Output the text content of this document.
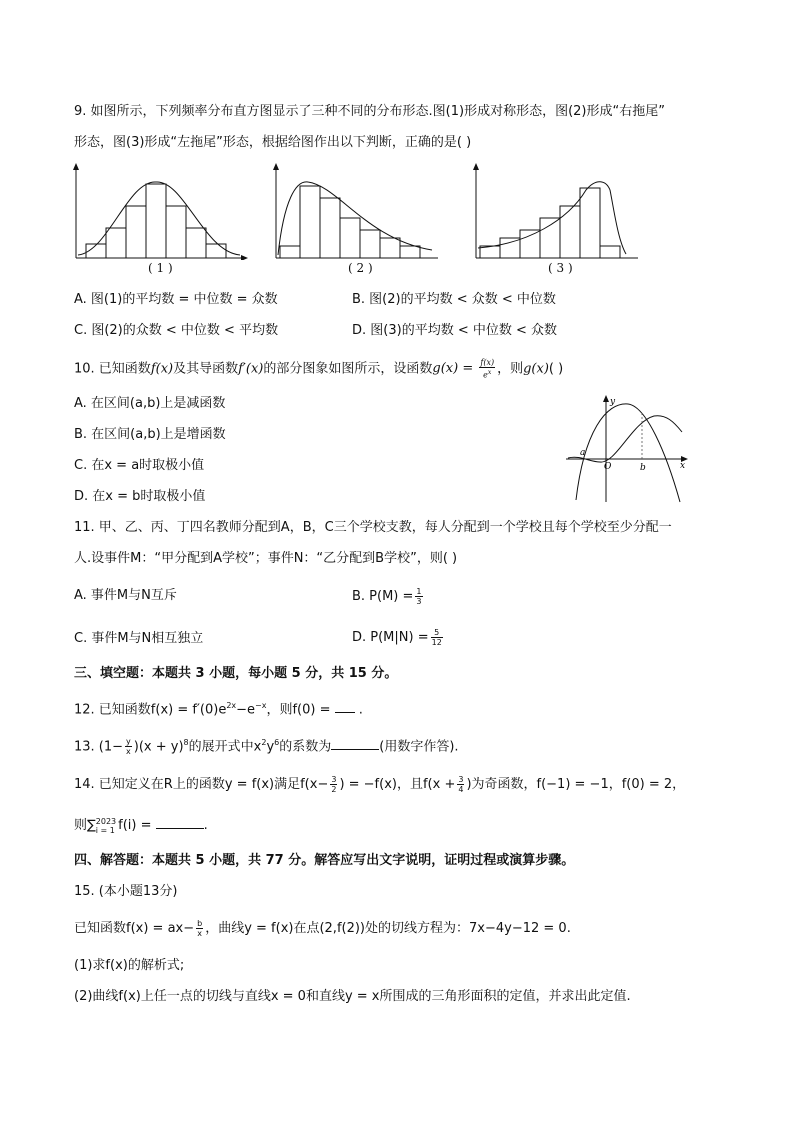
9. 如图所示，下列频率分布直方图显示了三种不同的分布形态.图(1)形成对称形态，图(2)形成“右拖尾”
形态，图(3)形成“左拖尾”形态，根据给图作出以下判断，正确的是( )
( 1 )	( 2 )	( 3 )
A. 图(1)的平均数 = 中位数 = 众数	B. 图(2)的平均数 < 众数 < 中位数
C. 图(2)的众数 < 中位数 < 平均数	D. 图(3)的平均数 < 中位数 < 众数
10. 已知函数f(x)及其导函数f′(x)的部分图象如图所示，设函数$g(x) = \frac{f(x)}{e^x}$ ，则g(x)( )
A. 在区间(a,b)上是减函数
B. 在区间(a,b)上是增函数
C. 在x = a时取极小值
D. 在x = b时取极小值
y
x
a
O	b
11. 甲、乙、丙、丁四名教师分配到A，B，C三个学校支教，每人分配到一个学校且每个学校至少分配一
人.设事件M：“甲分配到A学校”；事件N：“乙分配到B学校”，则( )
A. 事件M与N互斥	B. $P(M) = \frac{1}{3}$
C. 事件M与N相互独立	D. $P(M|N) = \frac{5}{12}$
三、填空题：本题共 3 小题，每小题 5 分，共 15 分。
12. 已知函数$f(x) = f'(0)e^{2x}-e^{-x}$，则f(0) = .
13. $(1- \frac{y}{x} )(x + y)^8$的展开式中$x^2y^6$的系数为	(用数字作答).
14. 已知定义在R上的函数y = f(x)满足$f(x- \frac{3}{2}$ ) = −f(x)，且$f(x + \frac{3}{4}$ )为奇函数，f(−1) = −1，f(0) = 2，
则∑ 2023
i = 1 f(i) =	.
四、解答题：本题共 5 小题，共 77 分。解答应写出文字说明，证明过程或演算步骤。
15. (本小题13分)
已知函数$f(x) = ax- \frac{b}{x}$ ，曲线y = f(x)在点(2,f(2))处的切线方程为：7x−4y−12 = 0.
(1)求f(x)的解析式;
(2)曲线f(x)上任一点的切线与直线x = 0和直线y = x所围成的三角形面积的定值，并求出此定值.
